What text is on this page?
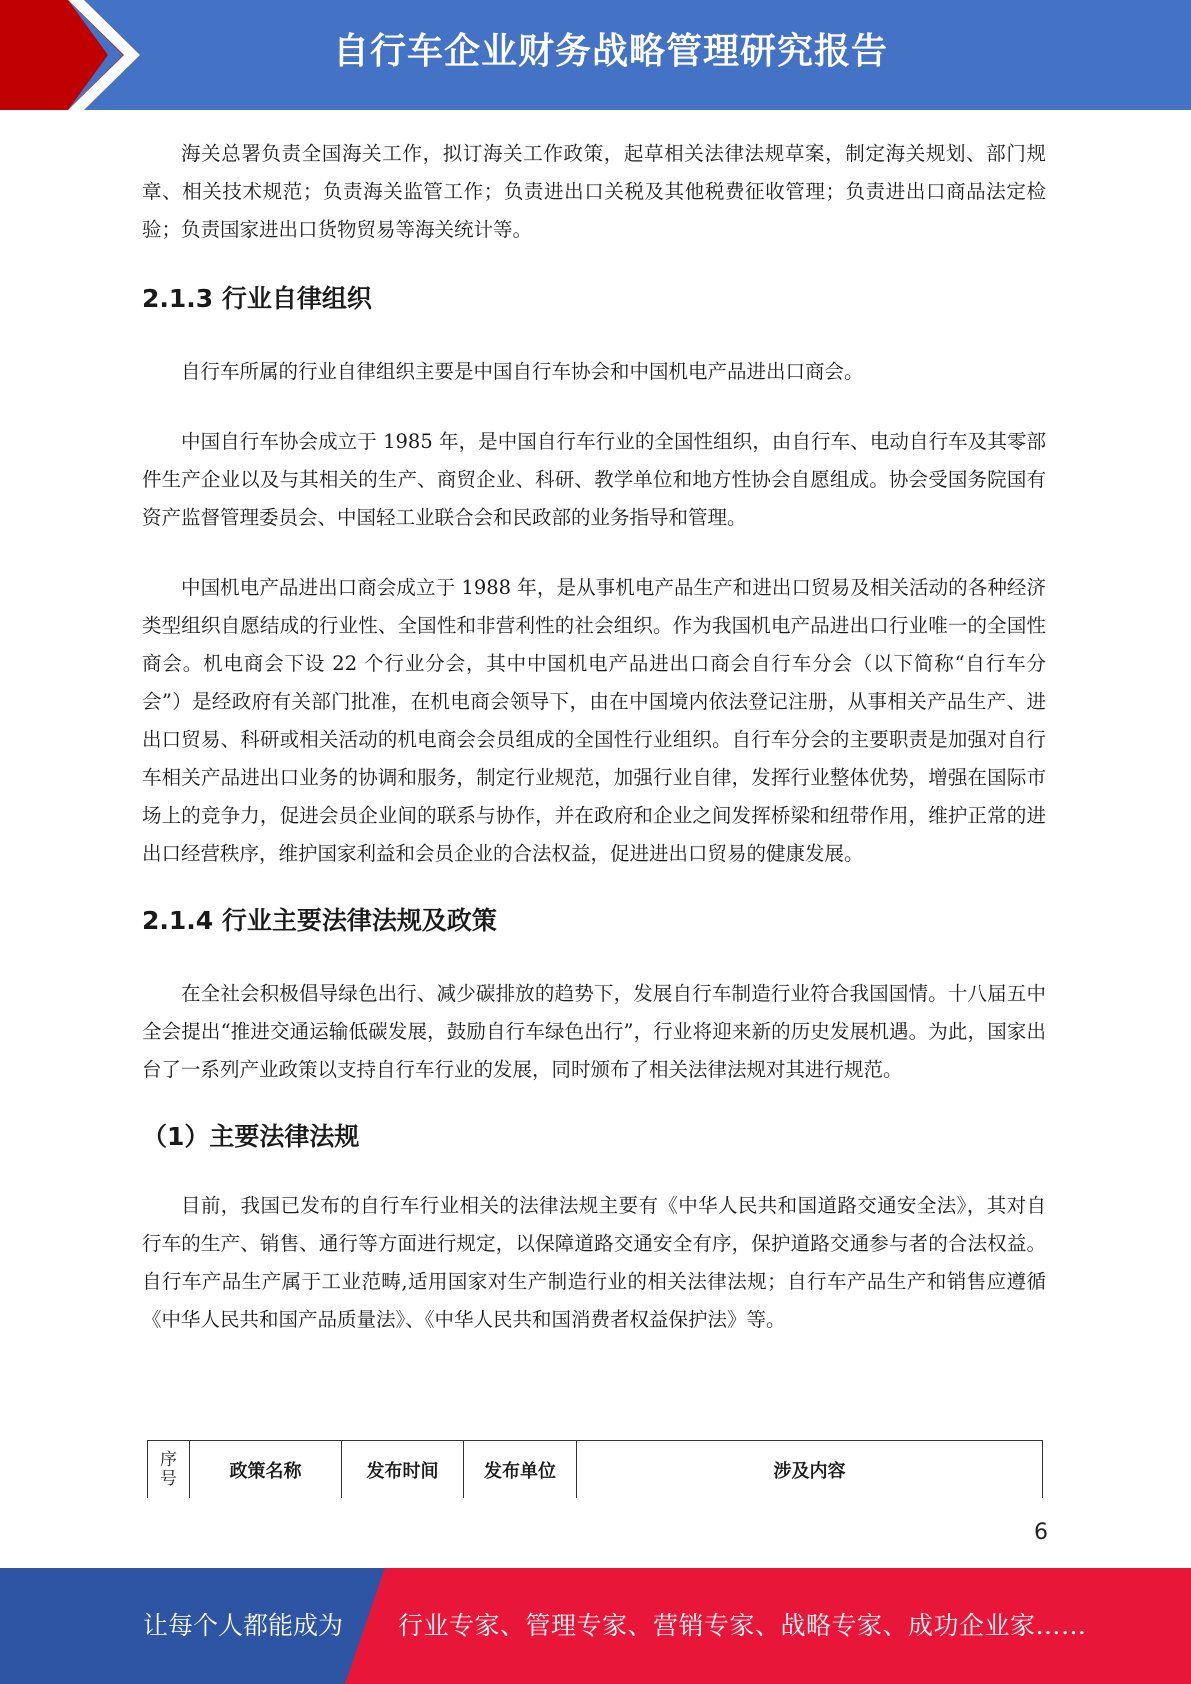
自行车企业财务战略管理研究报告

海关总署负责全国海关工作，拟订海关工作政策，起草相关法律法规草案，制定海关规划、部门规章、相关技术规范；负责海关监管工作；负责进出口关税及其他税费征收管理；负责进出口商品法定检验；负责国家进出口货物贸易等海关统计等。

2.1.3 行业自律组织

自行车所属的行业自律组织主要是中国自行车协会和中国机电产品进出口商会。

中国自行车协会成立于 1985 年，是中国自行车行业的全国性组织，由自行车、电动自行车及其零部件生产企业以及与其相关的生产、商贸企业、科研、教学单位和地方性协会自愿组成。协会受国务院国有资产监督管理委员会、中国轻工业联合会和民政部的业务指导和管理。

中国机电产品进出口商会成立于 1988 年，是从事机电产品生产和进出口贸易及相关活动的各种经济类型组织自愿结成的行业性、全国性和非营利性的社会组织。作为我国机电产品进出口行业唯一的全国性商会。机电商会下设 22 个行业分会，其中中国机电产品进出口商会自行车分会（以下简称“自行车分会”）是经政府有关部门批准，在机电商会领导下，由在中国境内依法登记注册，从事相关产品生产、进出口贸易、科研或相关活动的机电商会会员组成的全国性行业组织。自行车分会的主要职责是加强对自行车相关产品进出口业务的协调和服务，制定行业规范，加强行业自律，发挥行业整体优势，增强在国际市场上的竞争力，促进会员企业间的联系与协作，并在政府和企业之间发挥桥梁和纽带作用，维护正常的进出口经营秩序，维护国家利益和会员企业的合法权益，促进进出口贸易的健康发展。

2.1.4 行业主要法律法规及政策

在全社会积极倡导绿色出行、减少碳排放的趋势下，发展自行车制造行业符合我国国情。十八届五中全会提出“推进交通运输低碳发展，鼓励自行车绿色出行”，行业将迎来新的历史发展机遇。为此，国家出台了一系列产业政策以支持自行车行业的发展，同时颁布了相关法律法规对其进行规范。

（1）主要法律法规

目前，我国已发布的自行车行业相关的法律法规主要有《中华人民共和国道路交通安全法》，其对自行车的生产、销售、通行等方面进行规定，以保障道路交通安全有序，保护道路交通参与者的合法权益。自行车产品生产属于工业范畴,适用国家对生产制造行业的相关法律法规；自行车产品生产和销售应遵循《中华人民共和国产品质量法》、《中华人民共和国消费者权益保护法》等。

序号	政策名称	发布时间	发布单位	涉及内容
6
让每个人都能成为 行业专家、管理专家、营销专家、战略专家、成功企业家……
